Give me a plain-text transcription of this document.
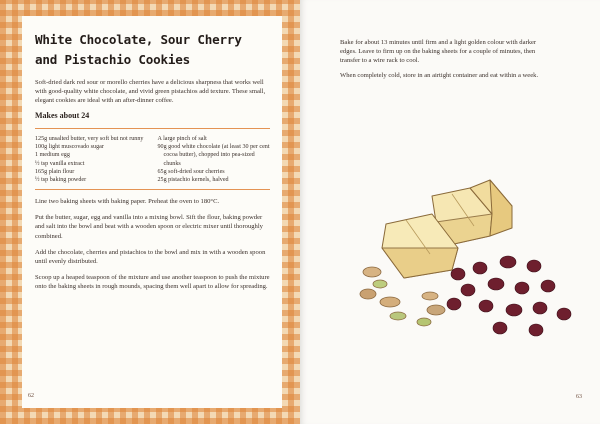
White Chocolate, Sour Cherry and Pistachio Cookies

Soft-dried dark red sour or morello cherries have a delicious sharpness that works well with good-quality white chocolate, and vivid green pistachios add texture. These small, elegant cookies are ideal with an after-dinner coffee.

Makes about 24
125g unsalted butter, very soft but not runny
100g light muscovado sugar
1 medium egg
½ tsp vanilla extract
165g plain flour
½ tsp baking powder
A large pinch of salt
90g good white chocolate (at least 30 per cent cocoa butter), chopped into pea-sized chunks
65g soft-dried sour cherries
25g pistachio kernels, halved

Line two baking sheets with baking paper. Preheat the oven to 180°C.

Put the butter, sugar, egg and vanilla into a mixing bowl. Sift the flour, baking powder and salt into the bowl and beat with a wooden spoon or electric mixer until thoroughly combined.

Add the chocolate, cherries and pistachios to the bowl and mix in with a wooden spoon until evenly distributed.

Scoop up a heaped teaspoon of the mixture and use another teaspoon to push the mixture onto the baking sheets in rough mounds, spacing them well apart to allow for spreading.

62

Bake for about 13 minutes until firm and a light golden colour with darker edges. Leave to firm up on the baking sheets for a couple of minutes, then transfer to a wire rack to cool.

When completely cold, store in an airtight container and eat within a week.

63
